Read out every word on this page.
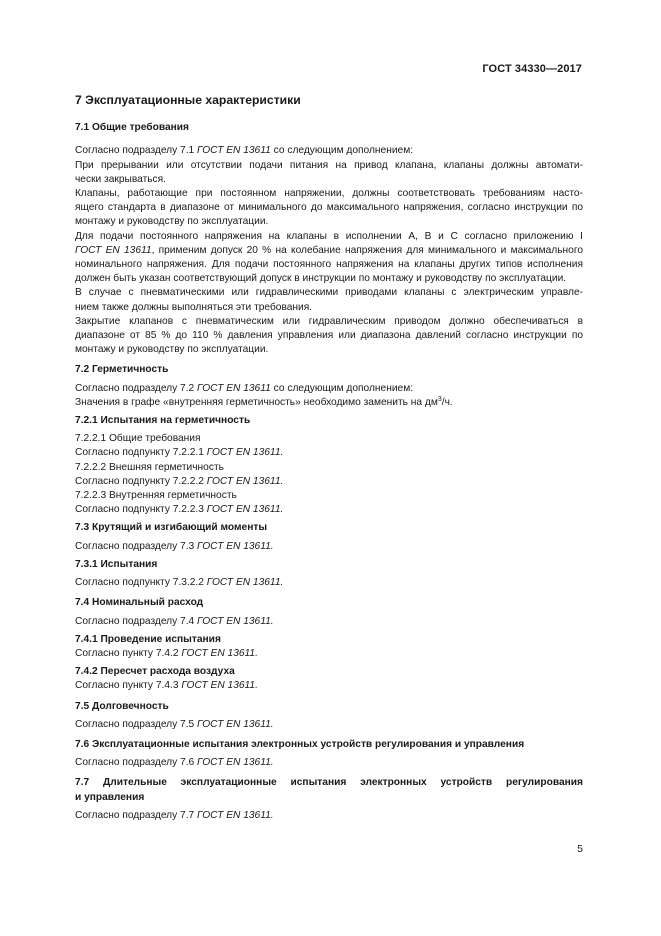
ГОСТ 34330—2017
7 Эксплуатационные характеристики
7.1 Общие требования
Согласно подразделу 7.1 ГОСТ EN 13611 со следующим дополнением:
При прерывании или отсутствии подачи питания на привод клапана, клапаны должны автомати-
чески закрываться.
Клапаны, работающие при постоянном напряжении, должны соответствовать требованиям насто-
ящего стандарта в диапазоне от минимального до максимального напряжения, согласно инструкции по
монтажу и руководству по эксплуатации.
Для подачи постоянного напряжения на клапаны в исполнении А, В и С согласно приложению I
ГОСТ EN 13611, применим допуск 20 % на колебание напряжения для минимального и максимального
номинального напряжения. Для подачи постоянного напряжения на клапаны других типов исполнения
должен быть указан соответствующий допуск в инструкции по монтажу и руководству по эксплуатации.
В случае с пневматическими или гидравлическими приводами клапаны с электрическим управле-
нием также должны выполняться эти требования.
Закрытие клапанов с пневматическим или гидравлическим приводом должно обеспечиваться в
диапазоне от 85 % до 110 % давления управления или диапазона давлений согласно инструкции по
монтажу и руководству по эксплуатации.
7.2 Герметичность
Согласно подразделу 7.2 ГОСТ EN 13611 со следующим дополнением:
Значения в графе «внутренняя герметичность» необходимо заменить на $дм^3/ч$.
7.2.1 Испытания на герметичность
7.2.2.1 Общие требования
Согласно подпункту 7.2.2.1 ГОСТ EN 13611.
7.2.2.2 Внешняя герметичность
Согласно подпункту 7.2.2.2 ГОСТ EN 13611.
7.2.2.3 Внутренняя герметичность
Согласно подпункту 7.2.2.3 ГОСТ EN 13611.
7.3 Крутящий и изгибающий моменты
Согласно подразделу 7.3 ГОСТ EN 13611.
7.3.1 Испытания
Согласно подпункту 7.3.2.2 ГОСТ EN 13611.
7.4 Номинальный расход
Согласно подразделу 7.4 ГОСТ EN 13611.
7.4.1 Проведение испытания
Согласно пункту 7.4.2 ГОСТ EN 13611.
7.4.2 Пересчет расхода воздуха
Согласно пункту 7.4.3 ГОСТ EN 13611.
7.5 Долговечность
Согласно подразделу 7.5 ГОСТ EN 13611.
7.6 Эксплуатационные испытания электронных устройств регулирования и управления
Согласно подразделу 7.6 ГОСТ EN 13611.
7.7 Длительные эксплуатационные испытания электронных устройств регулирования
и управления
Согласно подразделу 7.7 ГОСТ EN 13611.
5
